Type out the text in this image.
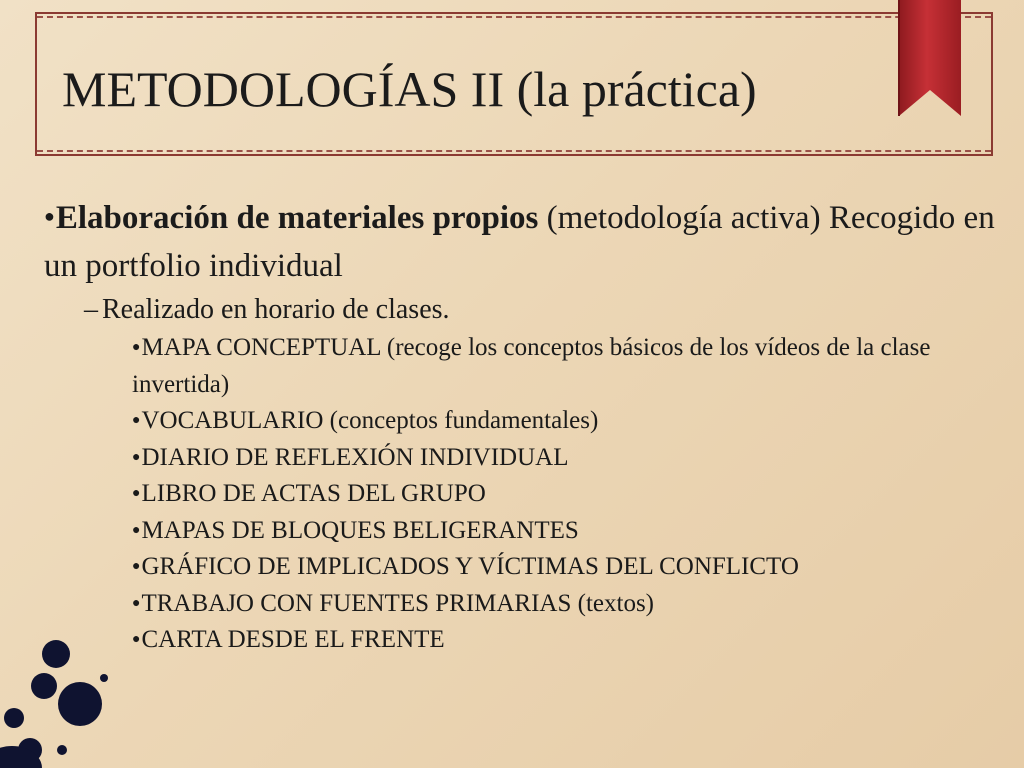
METODOLOGÍAS II (la práctica)

●Elaboración de materiales propios (metodología activa) Recogido en un portfolio individual

– Realizado en horario de clases.

●MAPA CONCEPTUAL (recoge los conceptos básicos de los vídeos de la clase invertida)

●VOCABULARIO (conceptos fundamentales)

●DIARIO DE REFLEXIÓN INDIVIDUAL

●LIBRO DE ACTAS DEL GRUPO

●MAPAS DE BLOQUES BELIGERANTES

●GRÁFICO DE IMPLICADOS Y VÍCTIMAS DEL CONFLICTO

●TRABAJO CON FUENTES PRIMARIAS (textos)

●CARTA DESDE EL FRENTE
